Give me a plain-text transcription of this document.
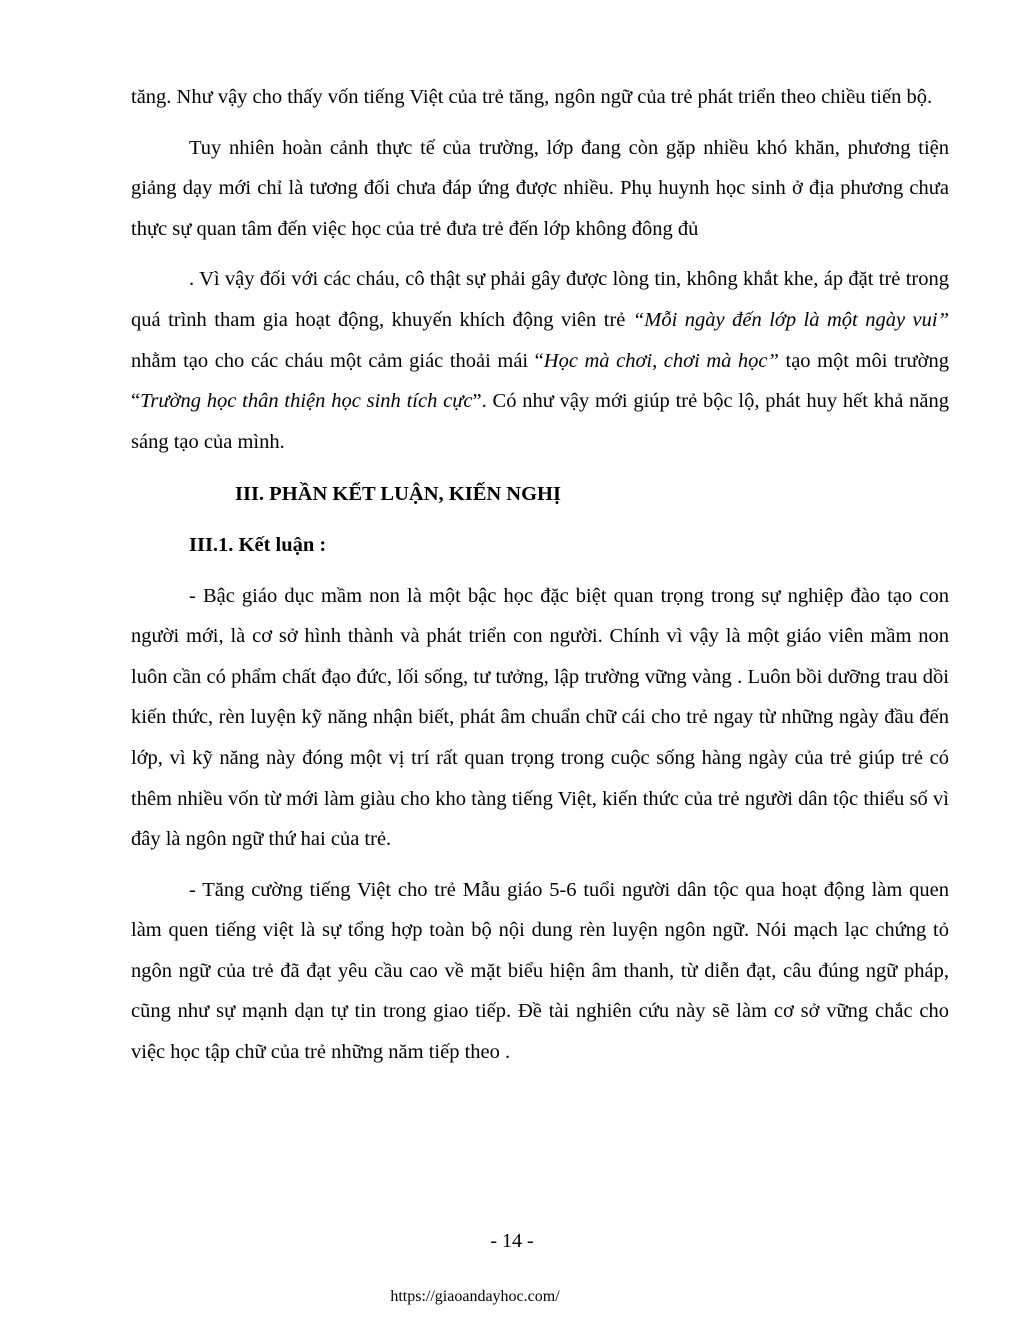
tăng. Như vậy cho thấy vốn tiếng Việt của trẻ tăng, ngôn ngữ của trẻ phát triển theo chiều tiến bộ.

Tuy nhiên hoàn cảnh thực tế của trường, lớp đang còn gặp nhiều khó khăn, phương tiện giảng dạy mới chỉ là tương đối chưa đáp ứng được nhiều. Phụ huynh học sinh ở địa phương chưa thực sự quan tâm đến việc học của trẻ đưa trẻ đến lớp không đông đủ

. Vì vậy đối với các cháu, cô thật sự phải gây được lòng tin, không khắt khe, áp đặt trẻ trong quá trình tham gia hoạt động, khuyến khích động viên trẻ “Mỗi ngày đến lớp là một ngày vui” nhằm tạo cho các cháu một cảm giác thoải mái “Học mà chơi, chơi mà học” tạo một môi trường “Trường học thân thiện học sinh tích cực”. Có như vậy mới giúp trẻ bộc lộ, phát huy hết khả năng sáng tạo của mình.

III. PHẦN KẾT LUẬN, KIẾN NGHỊ
III.1. Kết luận :

- Bậc giáo dục mầm non là một bậc học đặc biệt quan trọng trong sự nghiệp đào tạo con người mới, là cơ sở hình thành và phát triển con người. Chính vì vậy là một giáo viên mầm non luôn cần có phẩm chất đạo đức, lối sống, tư tưởng, lập trường vững vàng . Luôn bồi dưỡng trau dồi kiến thức, rèn luyện kỹ năng nhận biết, phát âm chuẩn chữ cái cho trẻ ngay từ những ngày đầu đến lớp, vì kỹ năng này đóng một vị trí rất quan trọng trong cuộc sống hàng ngày của trẻ giúp trẻ có thêm nhiều vốn từ mới làm giàu cho kho tàng tiếng Việt, kiến thức của trẻ người dân tộc thiểu số vì đây là ngôn ngữ thứ hai của trẻ.

- Tăng cường tiếng Việt cho trẻ Mẫu giáo 5-6 tuổi người dân tộc qua hoạt động làm quen làm quen tiếng việt là sự tổng hợp toàn bộ nội dung rèn luyện ngôn ngữ. Nói mạch lạc chứng tỏ ngôn ngữ của trẻ đã đạt yêu cầu cao về mặt biểu hiện âm thanh, từ diễn đạt, câu đúng ngữ pháp, cũng như sự mạnh dạn tự tin trong giao tiếp. Đề tài nghiên cứu này sẽ làm cơ sở vững chắc cho việc học tập chữ của trẻ những năm tiếp theo .

- 14 -
https://giaoandayhoc.com/
